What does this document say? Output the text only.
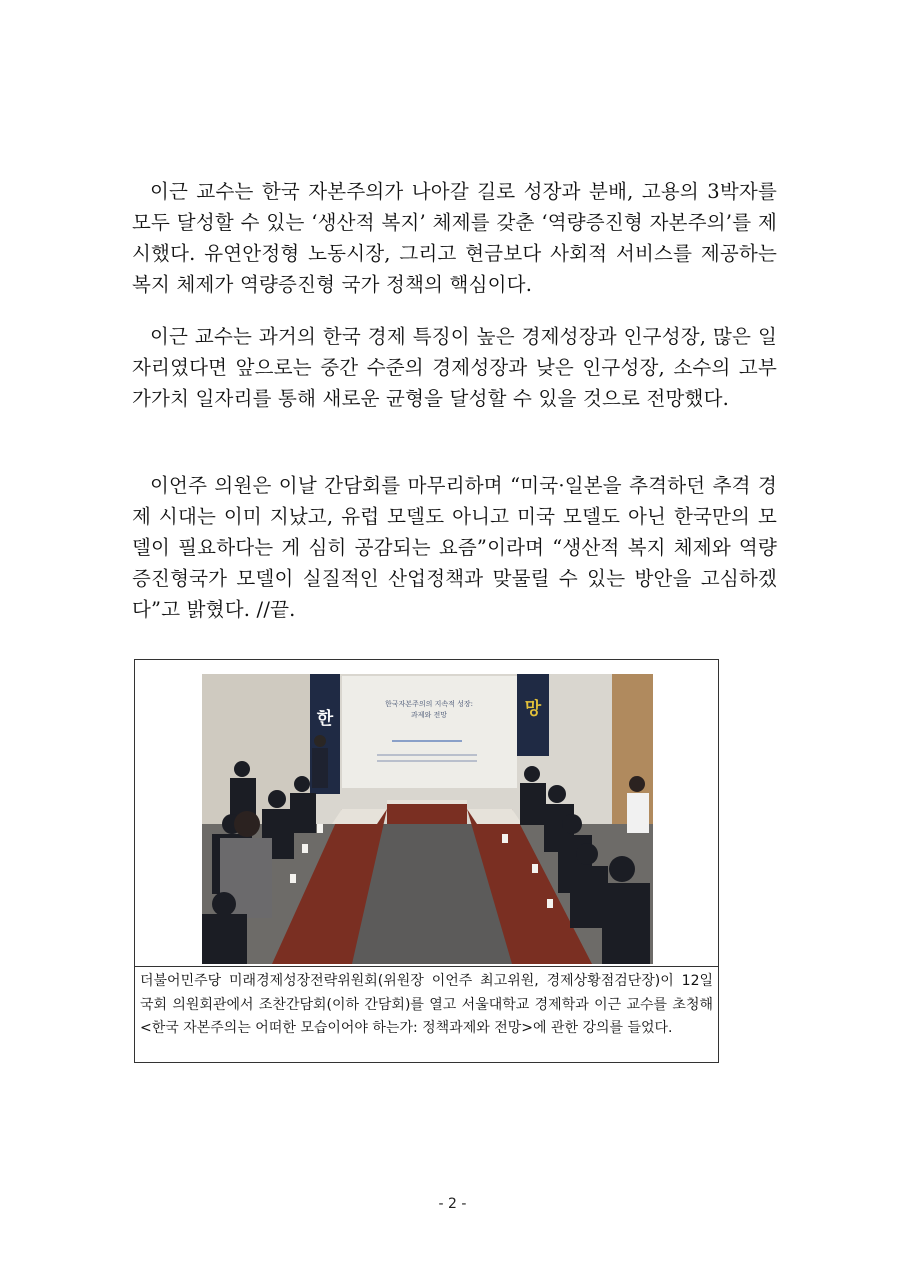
이근 교수는 한국 자본주의가 나아갈 길로 성장과 분배, 고용의 3박자를 모두 달성할 수 있는 ‘생산적 복지’ 체제를 갖춘 ‘역량증진형 자본주의’를 제시했다. 유연안정형 노동시장, 그리고 현금보다 사회적 서비스를 제공하는 복지 체제가 역량증진형 국가 정책의 핵심이다.

이근 교수는 과거의 한국 경제 특징이 높은 경제성장과 인구성장, 많은 일자리였다면 앞으로는 중간 수준의 경제성장과 낮은 인구성장, 소수의 고부가가치 일자리를 통해 새로운 균형을 달성할 수 있을 것으로 전망했다.

이언주 의원은 이날 간담회를 마무리하며 “미국·일본을 추격하던 추격 경제 시대는 이미 지났고, 유럽 모델도 아니고 미국 모델도 아닌 한국만의 모델이 필요하다는 게 심히 공감되는 요즘”이라며 “생산적 복지 체제와 역량증진형국가 모델이 실질적인 산업정책과 맞물릴 수 있는 방안을 고심하겠다”고 밝혔다. //끝.

한	망
한국자본주의의 지속적 성장:
과제와 전망
더불어민주당 미래경제성장전략위원회(위원장 이언주 최고위원, 경제상황점검단장)이 12일 국회 의원회관에서 조찬간담회(이하 간담회)를 열고 서울대학교 경제학과 이근 교수를 초청해 <한국 자본주의는 어떠한 모습이어야 하는가: 정책과제와 전망>에 관한 강의를 들었다.
- 2 -
